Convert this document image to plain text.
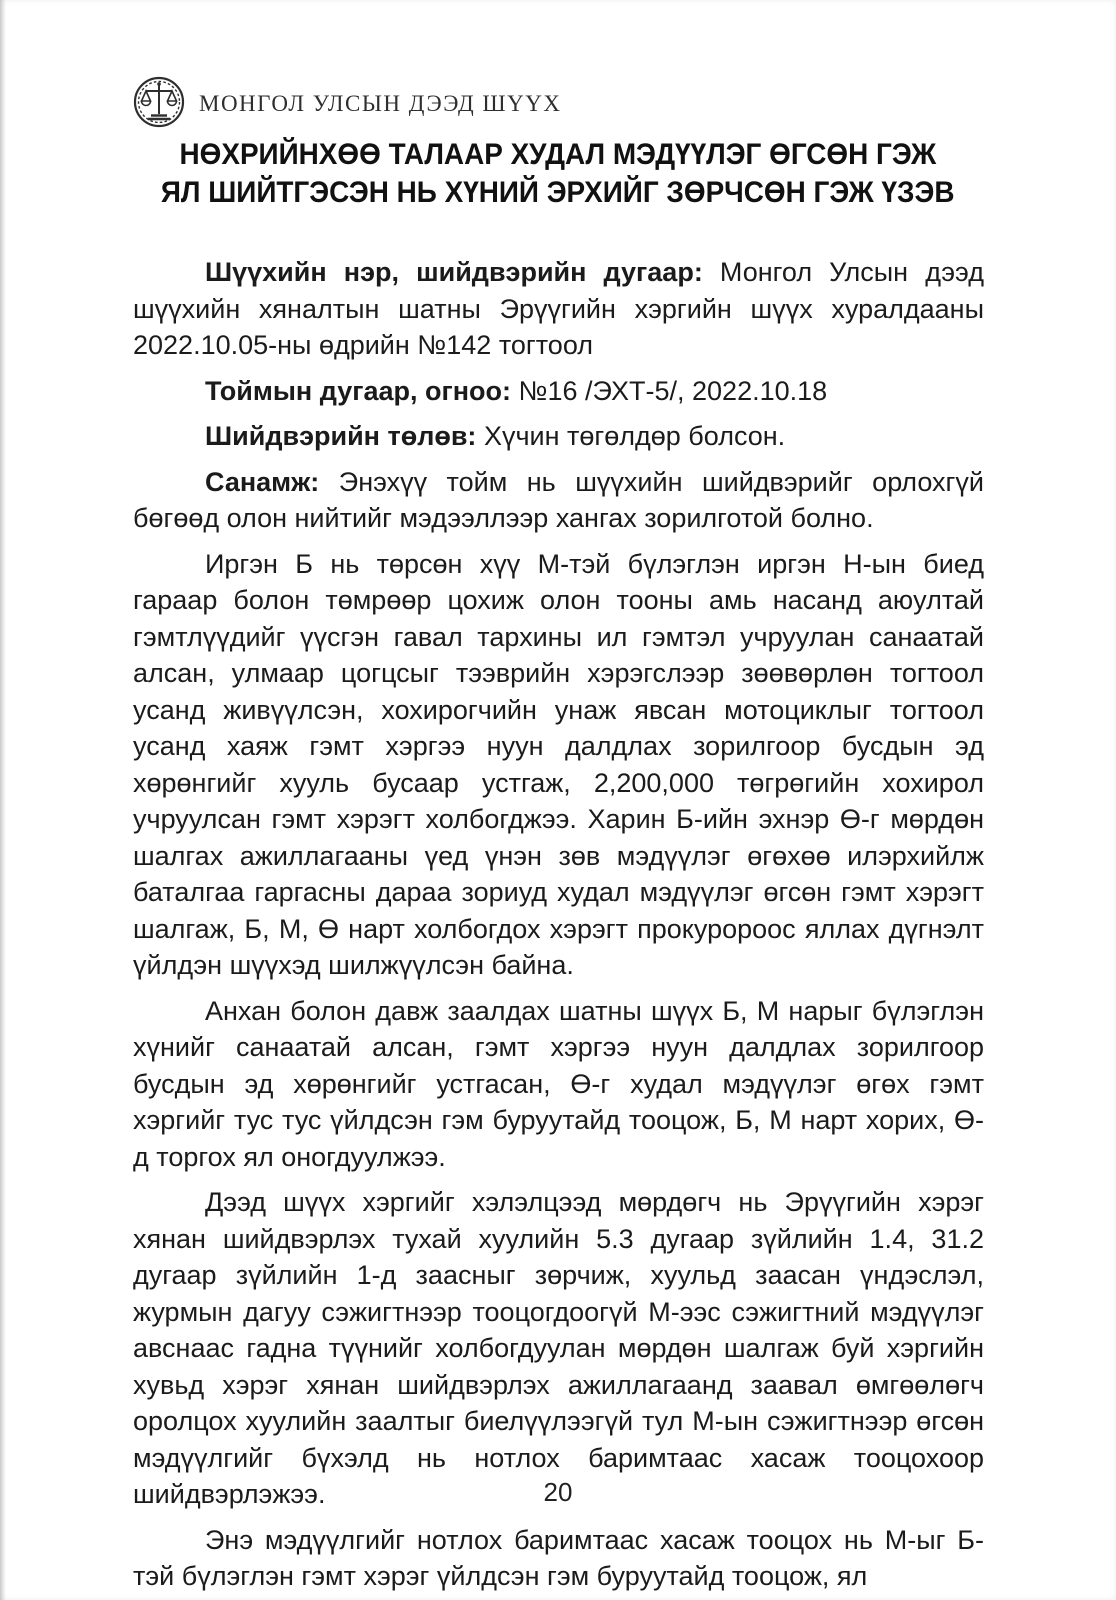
МОНГОЛ УЛСЫН ДЭЭД ШҮҮХ
НӨХРИЙНХӨӨ ТАЛААР ХУДАЛ МЭДҮҮЛЭГ ӨГСӨН ГЭЖ
ЯЛ ШИЙТГЭСЭН НЬ ХҮНИЙ ЭРХИЙГ ЗӨРЧСӨН ГЭЖ ҮЗЭВ

Шүүхийн нэр, шийдвэрийн дугаар: Монгол Улсын дээд шүүхийн хяналтын шатны Эрүүгийн хэргийн шүүх хуралдааны 2022.10.05-ны өдрийн №142 тогтоол

Тоймын дугаар, огноо: №16 /ЭХТ-5/, 2022.10.18

Шийдвэрийн төлөв: Хүчин төгөлдөр болсон.

Санамж: Энэхүү тойм нь шүүхийн шийдвэрийг орлохгүй бөгөөд олон нийтийг мэдээллээр хангах зорилготой болно.

Иргэн Б нь төрсөн хүү М-тэй бүлэглэн иргэн Н-ын биед гараар болон төмрөөр цохиж олон тооны амь насанд аюултай гэмтлүүдийг үүсгэн гавал тархины ил гэмтэл учруулан санаатай алсан, улмаар цогцсыг тээврийн хэрэгслээр зөөвөрлөн тогтоол усанд живүүлсэн, хохирогчийн унаж явсан мотоциклыг тогтоол усанд хаяж гэмт хэргээ нуун далдлах зорилгоор бусдын эд хөрөнгийг хууль бусаар устгаж, 2,200,000 төгрөгийн хохирол учруулсан гэмт хэрэгт холбогджээ. Харин Б-ийн эхнэр Ө-г мөрдөн шалгах ажиллагааны үед үнэн зөв мэдүүлэг өгөхөө илэрхийлж баталгаа гаргасны дараа зориуд худал мэдүүлэг өгсөн гэмт хэрэгт шалгаж, Б, М, Ө нарт холбогдох хэрэгт прокуророос яллах дүгнэлт үйлдэн шүүхэд шилжүүлсэн байна.

Анхан болон давж заалдах шатны шүүх Б, М нарыг бүлэглэн хүнийг санаатай алсан, гэмт хэргээ нуун далдлах зорилгоор бусдын эд хөрөнгийг устгасан, Ө-г худал мэдүүлэг өгөх гэмт хэргийг тус тус үйлдсэн гэм буруутайд тооцож, Б, М нарт хорих, Ө-д торгох ял оногдуулжээ.

Дээд шүүх хэргийг хэлэлцээд мөрдөгч нь Эрүүгийн хэрэг хянан шийдвэрлэх тухай хуулийн 5.3 дугаар зүйлийн 1.4, 31.2 дугаар зүйлийн 1-д заасныг зөрчиж, хуульд заасан үндэслэл, журмын дагуу сэжигтнээр тооцогдоогүй М-ээс сэжигтний мэдүүлэг авснаас гадна түүнийг холбогдуулан мөрдөн шалгаж буй хэргийн хувьд хэрэг хянан шийдвэрлэх ажиллагаанд заавал өмгөөлөгч оролцох хуулийн заалтыг биелүүлээгүй тул М-ын сэжигтнээр өгсөн мэдүүлгийг бүхэлд нь нотлох баримтаас хасаж тооцохоор шийдвэрлэжээ.

Энэ мэдүүлгийг нотлох баримтаас хасаж тооцох нь М-ыг Б-тэй бүлэглэн гэмт хэрэг үйлдсэн гэм буруутайд тооцож, ял

20
